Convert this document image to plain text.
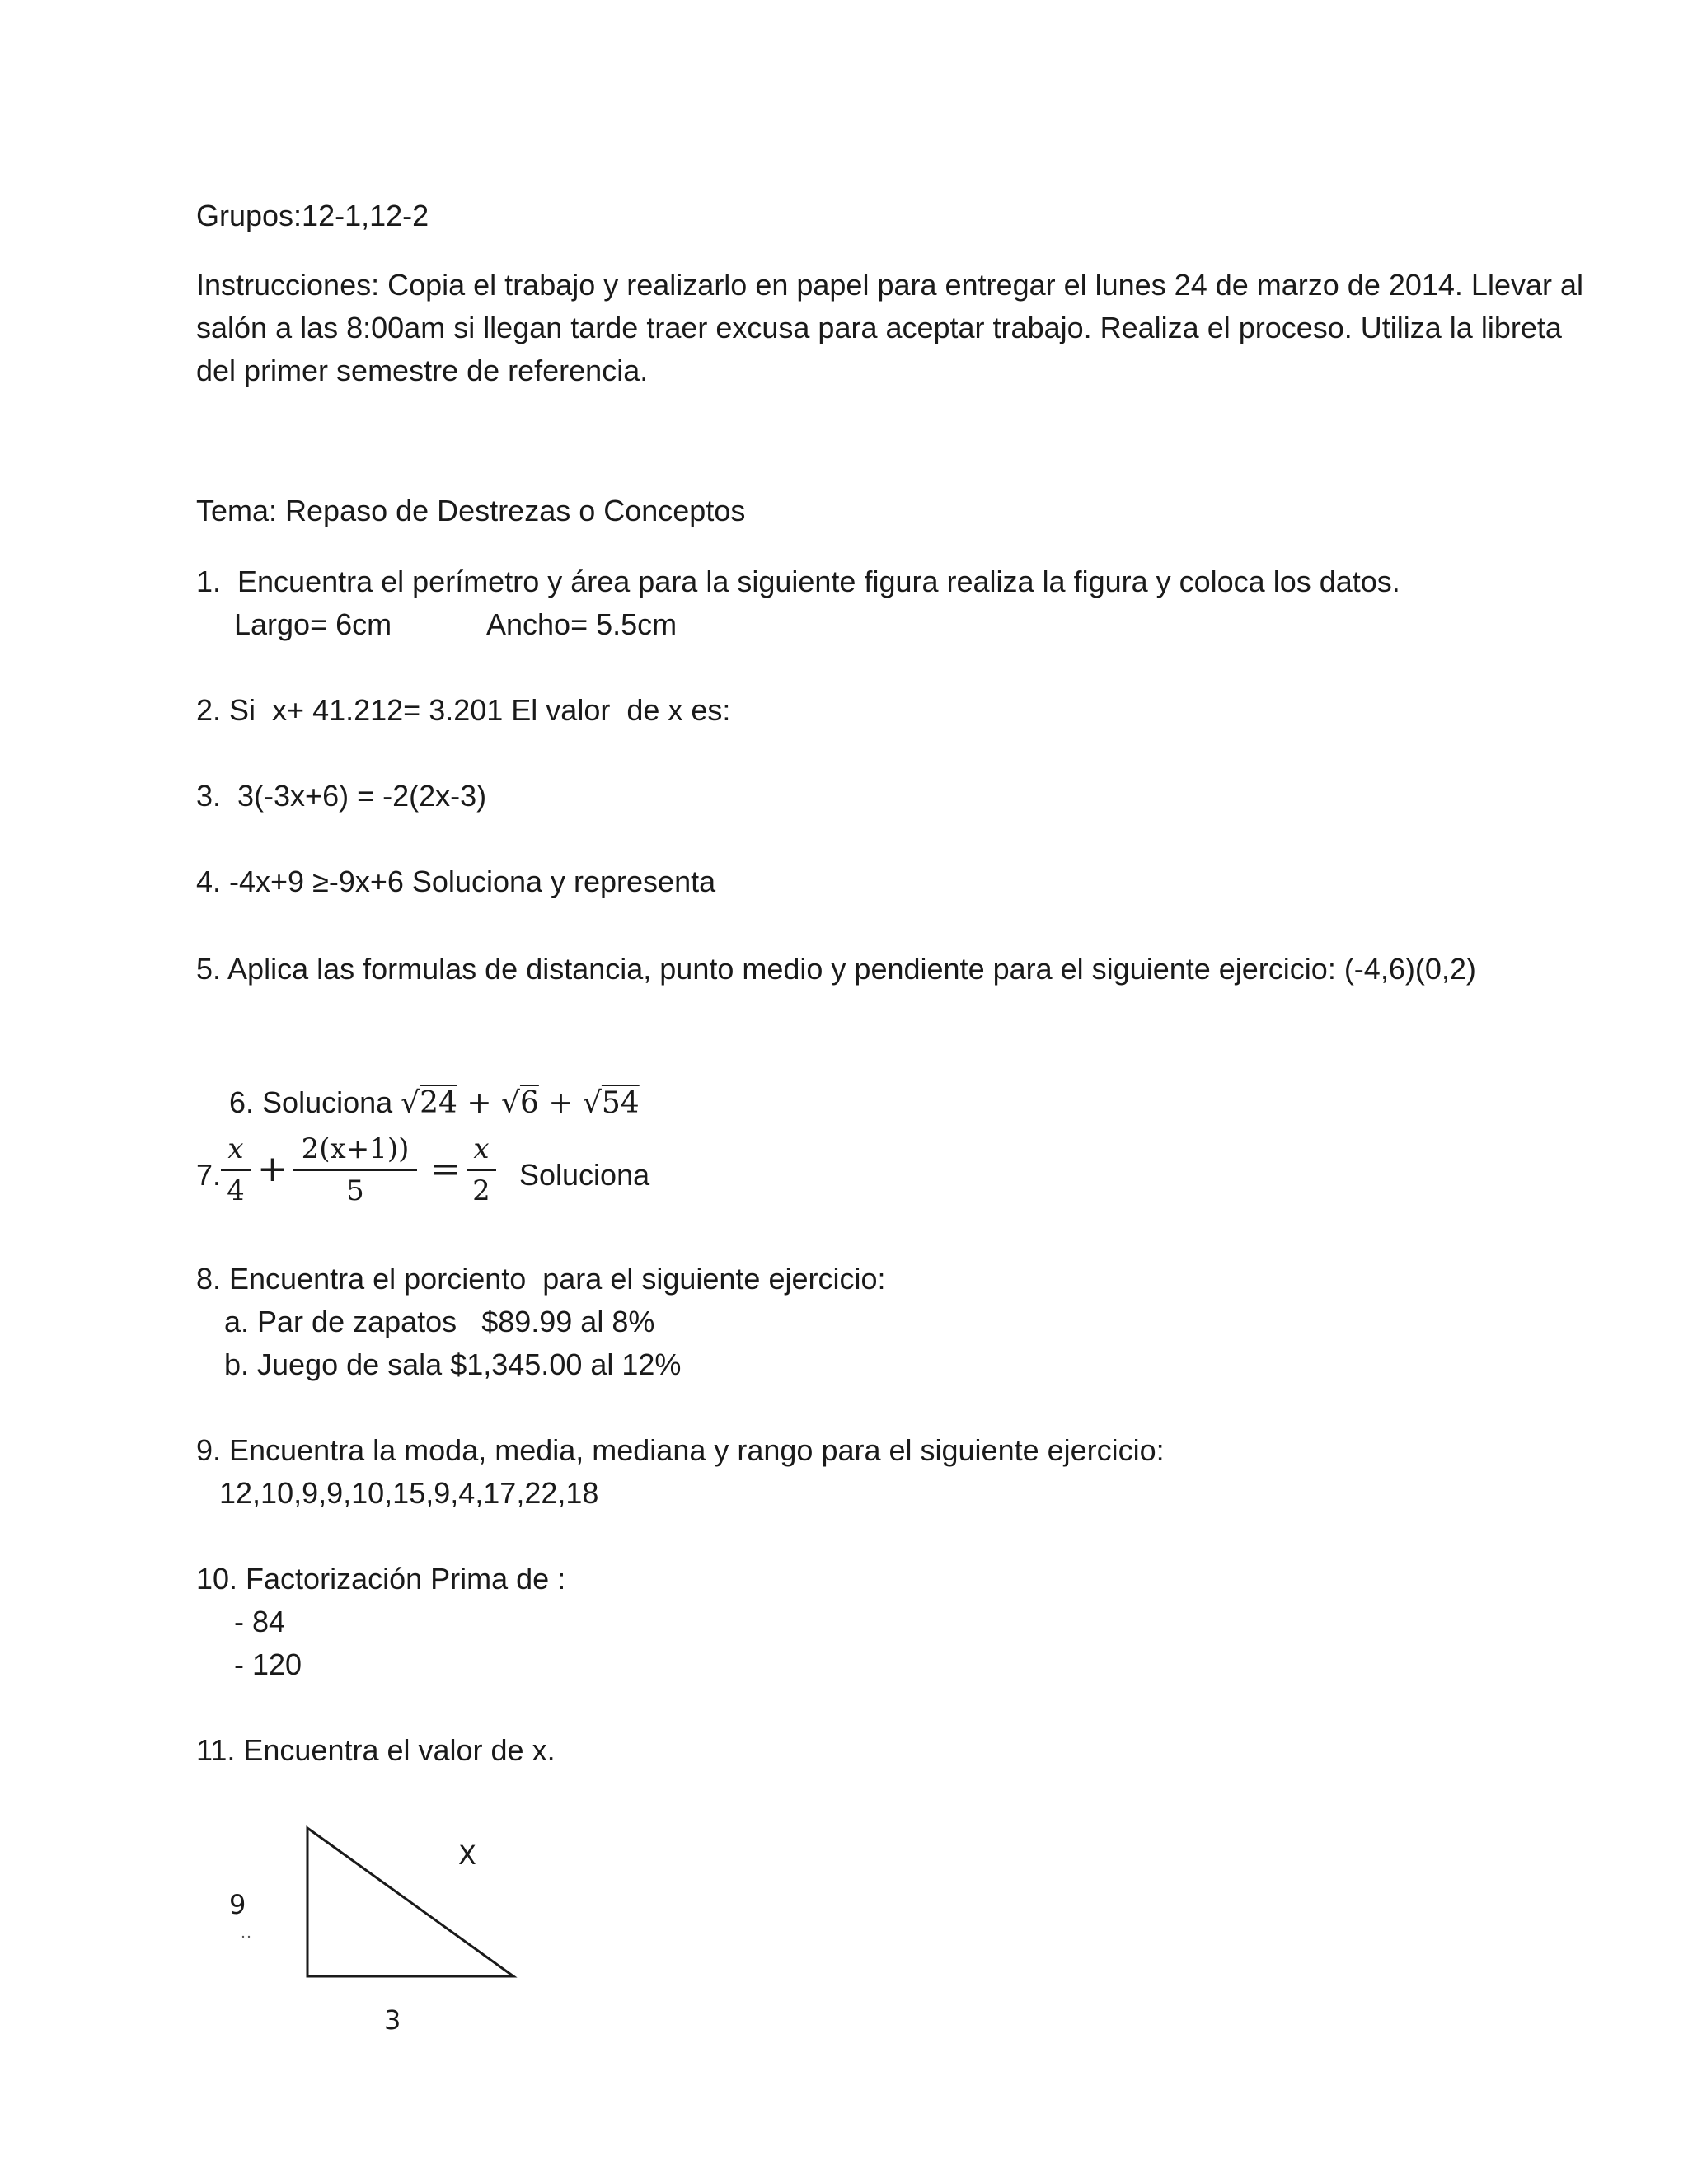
Grupos:12-1,12-2

Instrucciones: Copia el trabajo y realizarlo en papel para entregar el lunes 24 de marzo de 2014. Llevar al

salón a las 8:00am si llegan tarde traer excusa para aceptar trabajo. Realiza el proceso. Utiliza la libreta

del primer semestre de referencia.

Tema: Repaso de Destrezas o Conceptos

1.  Encuentra el perímetro y área para la siguiente figura realiza la figura y coloca los datos.

Largo= 6cm	Ancho= 5.5cm

2. Si  x+ 41.212= 3.201 El valor  de x es:

3.  3(-3x+6) = -2(2x-3)

4. -4x+9 ≥-9x+6 Soluciona y representa

5. Aplica las formulas de distancia, punto medio y pendiente para el siguiente ejercicio: (-4,6)(0,2)

6. Soluciona √24 + √6 + √54

7.

x
4
+ 2(x+1))
5
= x
2 Soluciona

8. Encuentra el porciento  para el siguiente ejercicio:

a. Par de zapatos   $89.99 al 8%

b. Juego de sala $1,345.00 al 12%

9. Encuentra la moda, media, mediana y rango para el siguiente ejercicio:

12,10,9,9,10,15,9,4,17,22,18

10. Factorización Prima de :

- 84

- 120

11. Encuentra el valor de x.

9
3
X
